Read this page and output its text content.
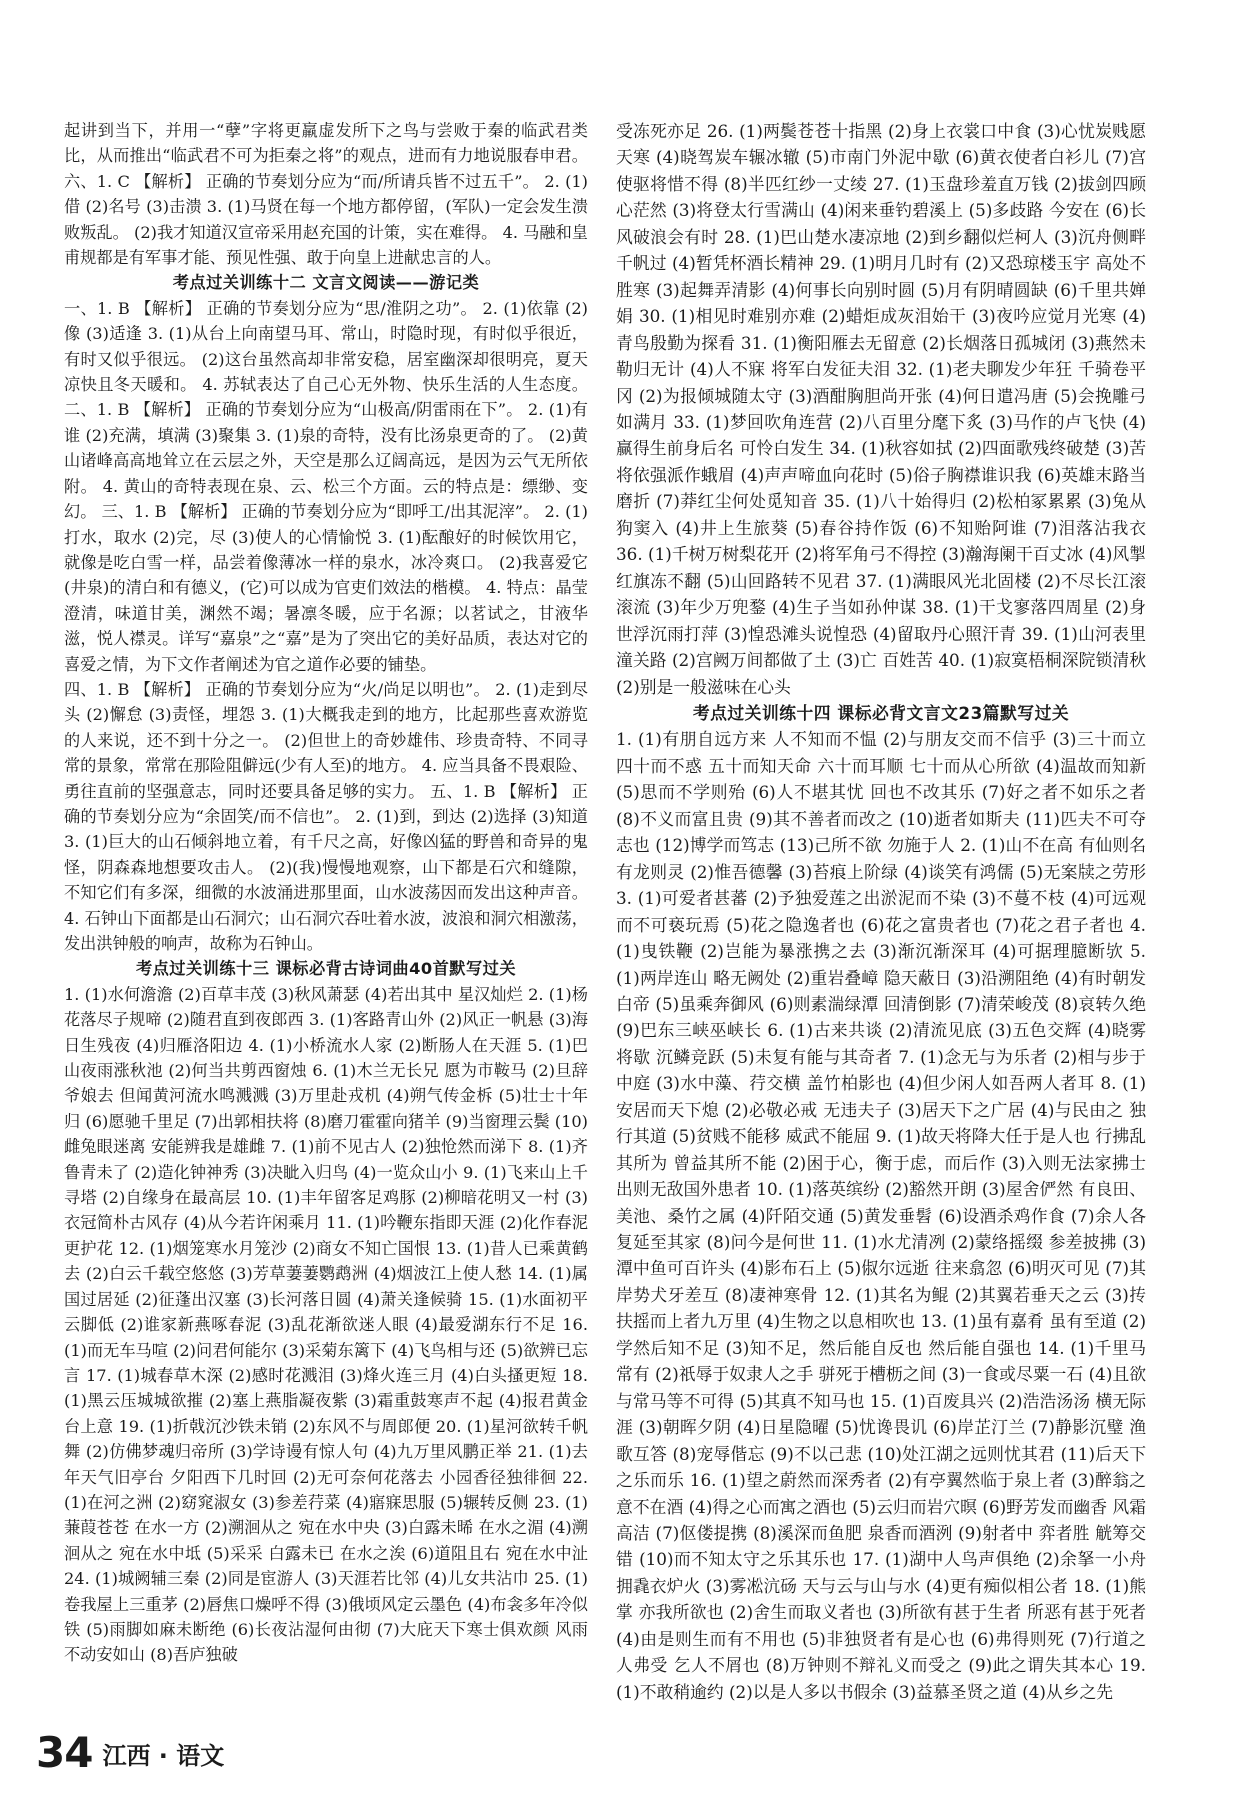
起讲到当下，并用一“孽”字将更羸虚发所下之鸟与尝败于秦的临武君类比，从而推出“临武君不可为拒秦之将”的观点，进而有力地说服春申君。 六、1. C 【解析】 正确的节奏划分应为“而/所请兵皆不过五千”。 2. (1)借 (2)名号 (3)击溃 3. (1)马贤在每一个地方都停留，(军队)一定会发生溃败叛乱。 (2)我才知道汉宣帝采用赵充国的计策，实在难得。 4. 马融和皇甫规都是有军事才能、预见性强、敢于向皇上进献忠言的人。

考点过关训练十二 文言文阅读——游记类

一、1. B 【解析】 正确的节奏划分应为“思/淮阴之功”。 2. (1)依靠 (2)像 (3)适逢 3. (1)从台上向南望马耳、常山，时隐时现，有时似乎很近，有时又似乎很远。 (2)这台虽然高却非常安稳，居室幽深却很明亮，夏天凉快且冬天暖和。 4. 苏轼表达了自己心无外物、快乐生活的人生态度。 二、1. B 【解析】 正确的节奏划分应为“山极高/阴雷雨在下”。 2. (1)有谁 (2)充满，填满 (3)聚集 3. (1)泉的奇特，没有比汤泉更奇的了。 (2)黄山诸峰高高地耸立在云层之外，天空是那么辽阔高远，是因为云气无所依附。 4. 黄山的奇特表现在泉、云、松三个方面。云的特点是：缥缈、变幻。 三、1. B 【解析】 正确的节奏划分应为“即呼工/出其泥滓”。 2. (1)打水，取水 (2)完，尽 (3)使人的心情愉悦 3. (1)酝酿好的时候饮用它，就像是吃白雪一样，品尝着像薄冰一样的泉水，冰冷爽口。 (2)我喜爱它(井泉)的清白和有德义，(它)可以成为官吏们效法的楷模。 4. 特点：晶莹澄清，味道甘美，渊然不竭；暑凛冬暖，应于名源；以茗试之，甘液华滋，悦人襟灵。详写“嘉泉”之“嘉”是为了突出它的美好品质，表达对它的喜爱之情，为下文作者阐述为官之道作必要的铺垫。

四、1. B 【解析】 正确的节奏划分应为“火/尚足以明也”。 2. (1)走到尽头 (2)懈怠 (3)责怪，埋怨 3. (1)大概我走到的地方，比起那些喜欢游览的人来说，还不到十分之一。 (2)但世上的奇妙雄伟、珍贵奇特、不同寻常的景象，常常在那险阻僻远(少有人至)的地方。 4. 应当具备不畏艰险、勇往直前的坚强意志，同时还要具备足够的实力。 五、1. B 【解析】 正确的节奏划分应为“余固笑/而不信也”。 2. (1)到，到达 (2)选择 (3)知道 3. (1)巨大的山石倾斜地立着，有千尺之高，好像凶猛的野兽和奇异的鬼怪，阴森森地想要攻击人。 (2)(我)慢慢地观察，山下都是石穴和缝隙，不知它们有多深，细微的水波涌进那里面，山水波荡因而发出这种声音。 4. 石钟山下面都是山石洞穴；山石洞穴吞吐着水波，波浪和洞穴相激荡，发出洪钟般的响声，故称为石钟山。

考点过关训练十三 课标必背古诗词曲40首默写过关

1. (1)水何澹澹 (2)百草丰茂 (3)秋风萧瑟 (4)若出其中 星汉灿烂 2. (1)杨花落尽子规啼 (2)随君直到夜郎西 3. (1)客路青山外 (2)风正一帆悬 (3)海日生残夜 (4)归雁洛阳边 4. (1)小桥流水人家 (2)断肠人在天涯 5. (1)巴山夜雨涨秋池 (2)何当共剪西窗烛 6. (1)木兰无长兄 愿为市鞍马 (2)旦辞爷娘去 但闻黄河流水鸣溅溅 (3)万里赴戎机 (4)朔气传金柝 (5)壮士十年归 (6)愿驰千里足 (7)出郭相扶将 (8)磨刀霍霍向猪羊 (9)当窗理云鬓 (10)雌兔眼迷离 安能辨我是雄雌 7. (1)前不见古人 (2)独怆然而涕下 8. (1)齐鲁青未了 (2)造化钟神秀 (3)决眦入归鸟 (4)一览众山小 9. (1)飞来山上千寻塔 (2)自缘身在最高层 10. (1)丰年留客足鸡豚 (2)柳暗花明又一村 (3)衣冠简朴古风存 (4)从今若许闲乘月 11. (1)吟鞭东指即天涯 (2)化作春泥更护花 12. (1)烟笼寒水月笼沙 (2)商女不知亡国恨 13. (1)昔人已乘黄鹤去 (2)白云千载空悠悠 (3)芳草萋萋鹦鹉洲 (4)烟波江上使人愁 14. (1)属国过居延 (2)征蓬出汉塞 (3)长河落日圆 (4)萧关逢候骑 15. (1)水面初平云脚低 (2)谁家新燕啄春泥 (3)乱花渐欲迷人眼 (4)最爱湖东行不足 16. (1)而无车马喧 (2)问君何能尔 (3)采菊东篱下 (4)飞鸟相与还 (5)欲辨已忘言 17. (1)城春草木深 (2)感时花溅泪 (3)烽火连三月 (4)白头搔更短 18. (1)黑云压城城欲摧 (2)塞上燕脂凝夜紫 (3)霜重鼓寒声不起 (4)报君黄金台上意 19. (1)折戟沉沙铁未销 (2)东风不与周郎便 20. (1)星河欲转千帆舞 (2)仿佛梦魂归帝所 (3)学诗谩有惊人句 (4)九万里风鹏正举 21. (1)去年天气旧亭台 夕阳西下几时回 (2)无可奈何花落去 小园香径独徘徊 22. (1)在河之洲 (2)窈窕淑女 (3)参差荇菜 (4)寤寐思服 (5)辗转反侧 23. (1)蒹葭苍苍 在水一方 (2)溯洄从之 宛在水中央 (3)白露未晞 在水之湄 (4)溯洄从之 宛在水中坻 (5)采采 白露未已 在水之涘 (6)道阻且右 宛在水中沚 24. (1)城阙辅三秦 (2)同是宦游人 (3)天涯若比邻 (4)儿女共沾巾 25. (1)卷我屋上三重茅 (2)唇焦口燥呼不得 (3)俄顷风定云墨色 (4)布衾多年冷似铁 (5)雨脚如麻未断绝 (6)长夜沾湿何由彻 (7)大庇天下寒士俱欢颜 风雨不动安如山 (8)吾庐独破

受冻死亦足 26. (1)两鬓苍苍十指黑 (2)身上衣裳口中食 (3)心忧炭贱愿天寒 (4)晓驾炭车辗冰辙 (5)市南门外泥中歇 (6)黄衣使者白衫儿 (7)宫使驱将惜不得 (8)半匹红纱一丈绫 27. (1)玉盘珍羞直万钱 (2)拔剑四顾心茫然 (3)将登太行雪满山 (4)闲来垂钓碧溪上 (5)多歧路 今安在 (6)长风破浪会有时 28. (1)巴山楚水凄凉地 (2)到乡翻似烂柯人 (3)沉舟侧畔千帆过 (4)暂凭杯酒长精神 29. (1)明月几时有 (2)又恐琼楼玉宇 高处不胜寒 (3)起舞弄清影 (4)何事长向别时圆 (5)月有阴晴圆缺 (6)千里共婵娟 30. (1)相见时难别亦难 (2)蜡炬成灰泪始干 (3)夜吟应觉月光寒 (4)青鸟殷勤为探看 31. (1)衡阳雁去无留意 (2)长烟落日孤城闭 (3)燕然未勒归无计 (4)人不寐 将军白发征夫泪 32. (1)老夫聊发少年狂 千骑卷平冈 (2)为报倾城随太守 (3)酒酣胸胆尚开张 (4)何日遣冯唐 (5)会挽雕弓如满月 33. (1)梦回吹角连营 (2)八百里分麾下炙 (3)马作的卢飞快 (4)赢得生前身后名 可怜白发生 34. (1)秋容如拭 (2)四面歌残终破楚 (3)苦将依强派作蛾眉 (4)声声啼血向花时 (5)俗子胸襟谁识我 (6)英雄末路当磨折 (7)莽红尘何处觅知音 35. (1)八十始得归 (2)松柏冢累累 (3)兔从狗窦入 (4)井上生旅葵 (5)春谷持作饭 (6)不知贻阿谁 (7)泪落沾我衣 36. (1)千树万树梨花开 (2)将军角弓不得控 (3)瀚海阑干百丈冰 (4)风掣红旗冻不翻 (5)山回路转不见君 37. (1)满眼风光北固楼 (2)不尽长江滚滚流 (3)年少万兜鍪 (4)生子当如孙仲谋 38. (1)干戈寥落四周星 (2)身世浮沉雨打萍 (3)惶恐滩头说惶恐 (4)留取丹心照汗青 39. (1)山河表里潼关路 (2)宫阙万间都做了土 (3)亡 百姓苦 40. (1)寂寞梧桐深院锁清秋 (2)别是一般滋味在心头

考点过关训练十四 课标必背文言文23篇默写过关

1. (1)有朋自远方来 人不知而不愠 (2)与朋友交而不信乎 (3)三十而立 四十而不惑 五十而知天命 六十而耳顺 七十而从心所欲 (4)温故而知新 (5)思而不学则殆 (6)人不堪其忧 回也不改其乐 (7)好之者不如乐之者 (8)不义而富且贵 (9)其不善者而改之 (10)逝者如斯夫 (11)匹夫不可夺志也 (12)博学而笃志 (13)己所不欲 勿施于人 2. (1)山不在高 有仙则名 有龙则灵 (2)惟吾德馨 (3)苔痕上阶绿 (4)谈笑有鸿儒 (5)无案牍之劳形 3. (1)可爱者甚蕃 (2)予独爱莲之出淤泥而不染 (3)不蔓不枝 (4)可远观而不可亵玩焉 (5)花之隐逸者也 (6)花之富贵者也 (7)花之君子者也 4. (1)曳铁鞭 (2)岂能为暴涨携之去 (3)渐沉渐深耳 (4)可据理臆断欤 5. (1)两岸连山 略无阙处 (2)重岩叠嶂 隐天蔽日 (3)沿溯阻绝 (4)有时朝发白帝 (5)虽乘奔御风 (6)则素湍绿潭 回清倒影 (7)清荣峻茂 (8)哀转久绝 (9)巴东三峡巫峡长 6. (1)古来共谈 (2)清流见底 (3)五色交辉 (4)晓雾将歇 沉鳞竞跃 (5)未复有能与其奇者 7. (1)念无与为乐者 (2)相与步于中庭 (3)水中藻、荇交横 盖竹柏影也 (4)但少闲人如吾两人者耳 8. (1)安居而天下熄 (2)必敬必戒 无违夫子 (3)居天下之广居 (4)与民由之 独行其道 (5)贫贱不能移 威武不能屈 9. (1)故天将降大任于是人也 行拂乱其所为 曾益其所不能 (2)困于心，衡于虑，而后作 (3)入则无法家拂士 出则无敌国外患者 10. (1)落英缤纷 (2)豁然开朗 (3)屋舍俨然 有良田、美池、桑竹之属 (4)阡陌交通 (5)黄发垂髫 (6)设酒杀鸡作食 (7)余人各复延至其家 (8)问今是何世 11. (1)水尤清冽 (2)蒙络摇缀 参差披拂 (3)潭中鱼可百许头 (4)影布石上 (5)俶尔远逝 往来翕忽 (6)明灭可见 (7)其岸势犬牙差互 (8)凄神寒骨 12. (1)其名为鲲 (2)其翼若垂天之云 (3)抟扶摇而上者九万里 (4)生物之以息相吹也 13. (1)虽有嘉肴 虽有至道 (2)学然后知不足 (3)知不足，然后能自反也 然后能自强也 14. (1)千里马常有 (2)祇辱于奴隶人之手 骈死于槽枥之间 (3)一食或尽粟一石 (4)且欲与常马等不可得 (5)其真不知马也 15. (1)百废具兴 (2)浩浩汤汤 横无际涯 (3)朝晖夕阴 (4)日星隐曜 (5)忧谗畏讥 (6)岸芷汀兰 (7)静影沉璧 渔歌互答 (8)宠辱偕忘 (9)不以己悲 (10)处江湖之远则忧其君 (11)后天下之乐而乐 16. (1)望之蔚然而深秀者 (2)有亭翼然临于泉上者 (3)醉翁之意不在酒 (4)得之心而寓之酒也 (5)云归而岩穴暝 (6)野芳发而幽香 风霜高洁 (7)伛偻提携 (8)溪深而鱼肥 泉香而酒洌 (9)射者中 弈者胜 觥筹交错 (10)而不知太守之乐其乐也 17. (1)湖中人鸟声俱绝 (2)余拏一小舟 拥毳衣炉火 (3)雾凇沆砀 天与云与山与水 (4)更有痴似相公者 18. (1)熊掌 亦我所欲也 (2)舍生而取义者也 (3)所欲有甚于生者 所恶有甚于死者 (4)由是则生而有不用也 (5)非独贤者有是心也 (6)弗得则死 (7)行道之人弗受 乞人不屑也 (8)万钟则不辩礼义而受之 (9)此之谓失其本心 19. (1)不敢稍逾约 (2)以是人多以书假余 (3)益慕圣贤之道 (4)从乡之先

34 江西 · 语文
